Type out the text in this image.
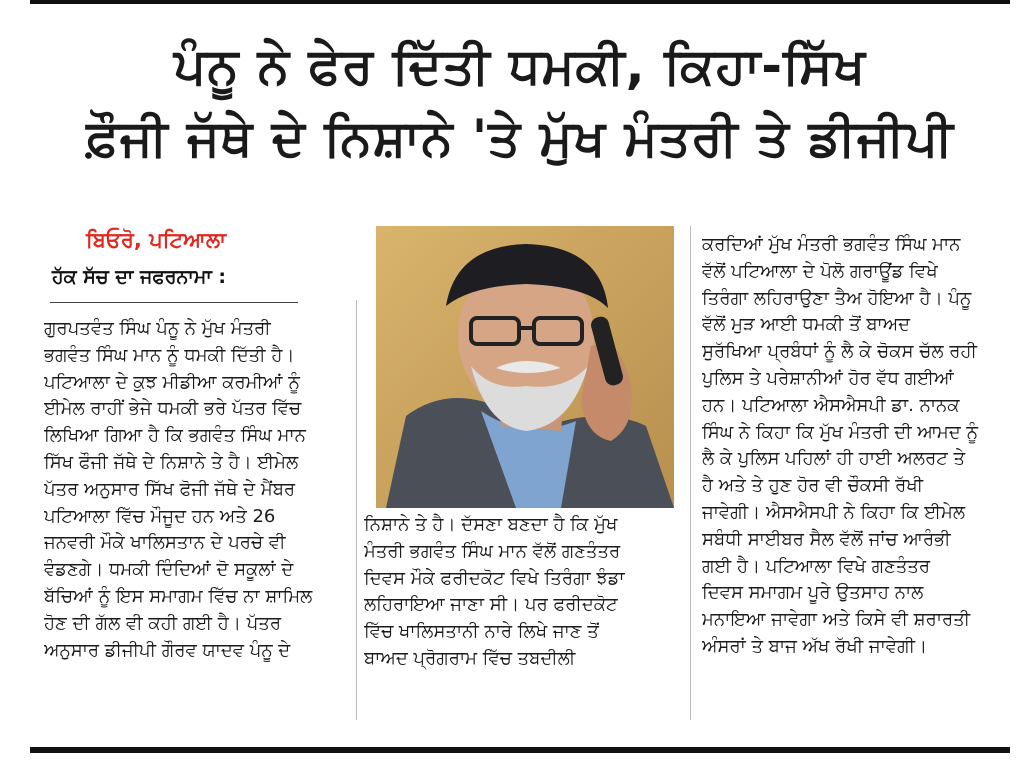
ਪੰਨੂ ਨੇ ਫੇਰ ਦਿੱਤੀ ਧਮਕੀ, ਕਿਹਾ-ਸਿੱਖ
ਫ਼ੌਜੀ ਜੱਥੇ ਦੇ ਨਿਸ਼ਾਨੇ 'ਤੇ ਮੁੱਖ ਮੰਤਰੀ ਤੇ ਡੀਜੀਪੀ
ਬਿਓਰੋ, ਪਟਿਆਲਾ
ਹੱਕ ਸੱਚ ਦਾ ਜਫਰਨਾਮਾ :
ਗੁਰਪਤਵੰਤ ਸਿੰਘ ਪੰਨੂ ਨੇ ਮੁੱਖ ਮੰਤਰੀ
ਭਗਵੰਤ ਸਿੰਘ ਮਾਨ ਨੂੰ ਧਮਕੀ ਦਿੱਤੀ ਹੈ।
ਪਟਿਆਲਾ ਦੇ ਕੁਝ ਮੀਡੀਆ ਕਰਮੀਆਂ ਨੂੰ
ਈਮੇਲ ਰਾਹੀਂ ਭੇਜੇ ਧਮਕੀ ਭਰੇ ਪੱਤਰ ਵਿੱਚ
ਲਿਖਿਆ ਗਿਆ ਹੈ ਕਿ ਭਗਵੰਤ ਸਿੰਘ ਮਾਨ
ਸਿੱਖ ਫੌਜੀ ਜੱਥੇ ਦੇ ਨਿਸ਼ਾਨੇ ਤੇ ਹੈ। ਈਮੇਲ
ਪੱਤਰ ਅਨੁਸਾਰ ਸਿੱਖ ਫੋਜੀ ਜੱਥੇ ਦੇ ਮੈਂਬਰ
ਪਟਿਆਲਾ ਵਿੱਚ ਮੌਜੂਦ ਹਨ ਅਤੇ 26
ਜਨਵਰੀ ਮੌਕੇ ਖਾਲਿਸਤਾਨ ਦੇ ਪਰਚੇ ਵੀ
ਵੰਡਣਗੇ। ਧਮਕੀ ਦਿੰਦਿਆਂ ਦੋ ਸਕੂਲਾਂ ਦੇ
ਬੱਚਿਆਂ ਨੂੰ ਇਸ ਸਮਾਗਮ ਵਿੱਚ ਨਾ ਸ਼ਾਮਿਲ
ਹੋਣ ਦੀ ਗੱਲ ਵੀ ਕਹੀ ਗਈ ਹੈ। ਪੱਤਰ
ਅਨੁਸਾਰ ਡੀਜੀਪੀ ਗੌਰਵ ਯਾਦਵ ਪੰਨੂ ਦੇ
ਨਿਸ਼ਾਨੇ ਤੇ ਹੈ। ਦੱਸਣਾ ਬਣਦਾ ਹੈ ਕਿ ਮੁੱਖ
ਮੰਤਰੀ ਭਗਵੰਤ ਸਿੰਘ ਮਾਨ ਵੱਲੋਂ ਗਣਤੰਤਰ
ਦਿਵਸ ਮੌਕੇ ਫਰੀਦਕੋਟ ਵਿਖੇ ਤਿਰੰਗਾ ਝੰਡਾ
ਲਹਿਰਾਇਆ ਜਾਣਾ ਸੀ। ਪਰ ਫਰੀਦਕੋਟ
ਵਿੱਚ ਖਾਲਿਸਤਾਨੀ ਨਾਰੇ ਲਿਖੇ ਜਾਣ ਤੋਂ
ਬਾਅਦ ਪ੍ਰੋਗਰਾਮ ਵਿੱਚ ਤਬਦੀਲੀ
ਕਰਦਿਆਂ ਮੁੱਖ ਮੰਤਰੀ ਭਗਵੰਤ ਸਿੰਘ ਮਾਨ
ਵੱਲੋਂ ਪਟਿਆਲਾ ਦੇ ਪੋਲੋ ਗਰਾਊਂਡ ਵਿਖੇ
ਤਿਰੰਗਾ ਲਹਿਰਾਉਣਾ ਤੈਅ ਹੋਇਆ ਹੈ। ਪੰਨੂ
ਵੱਲੋਂ ਮੁੜ ਆਈ ਧਮਕੀ ਤੋਂ ਬਾਅਦ
ਸੁਰੱਖਿਆ ਪ੍ਰਬੰਧਾਂ ਨੂੰ ਲੈ ਕੇ ਚੋਕਸ ਚੱਲ ਰਹੀ
ਪੁਲਿਸ ਤੇ ਪਰੇਸ਼ਾਨੀਆਂ ਹੋਰ ਵੱਧ ਗਈਆਂ
ਹਨ। ਪਟਿਆਲਾ ਐਸਐਸਪੀ ਡਾ. ਨਾਨਕ
ਸਿੰਘ ਨੇ ਕਿਹਾ ਕਿ ਮੁੱਖ ਮੰਤਰੀ ਦੀ ਆਮਦ ਨੂੰ
ਲੈ ਕੇ ਪੁਲਿਸ ਪਹਿਲਾਂ ਹੀ ਹਾਈ ਅਲਰਟ ਤੇ
ਹੈ ਅਤੇ ਤੇ ਹੁਣ ਹੋਰ ਵੀ ਚੌਕਸੀ ਰੱਖੀ
ਜਾਵੇਗੀ। ਐਸਐਸਪੀ ਨੇ ਕਿਹਾ ਕਿ ਈਮੇਲ
ਸਬੰਧੀ ਸਾਈਬਰ ਸੈਲ ਵੱਲੋਂ ਜਾਂਚ ਆਰੰਭੀ
ਗਈ ਹੈ। ਪਟਿਆਲਾ ਵਿਖੇ ਗਣਤੰਤਰ
ਦਿਵਸ ਸਮਾਗਮ ਪੂਰੇ ਉਤਸਾਹ ਨਾਲ
ਮਨਾਇਆ ਜਾਵੇਗਾ ਅਤੇ ਕਿਸੇ ਵੀ ਸ਼ਰਾਰਤੀ
ਅੰਸਰਾਂ ਤੇ ਬਾਜ ਅੱਖ ਰੱਖੀ ਜਾਵੇਗੀ।
